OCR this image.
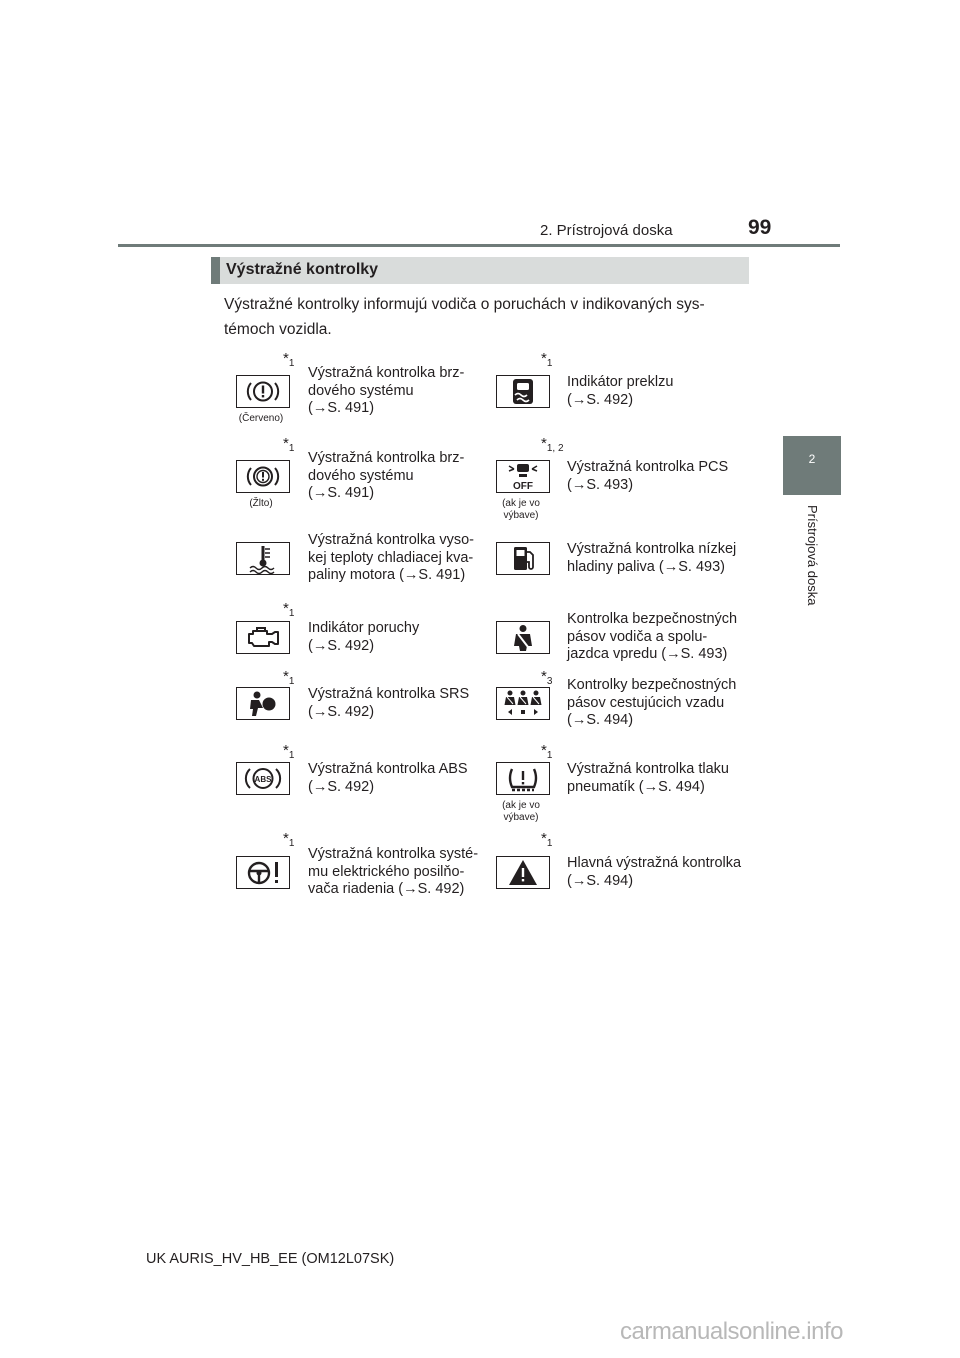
2. Prístrojová doska	99
2
Prístrojová doska
Výstražné kontrolky
Výstražné kontrolky informujú vodiča o poruchách v indikovaných sys-
témoch vozidla.
$*_1$
(Červeno)
Výstražná kontrolka brz-
dového systému
(→S. 491)
$*_1$
Indikátor preklzu
(→S. 492)
$*_1$
(Žlto)
Výstražná kontrolka brz-
dového systému
(→S. 491)
$*_{1, 2}$
OFF
(ak je vo výbave)
Výstražná kontrolka PCS
(→S. 493)
Výstražná kontrolka vyso-
kej teploty chladiacej kva-
paliny motora (→S. 491)
Výstražná kontrolka nízkej
hladiny paliva (→S. 493)
$*_1$
Indikátor poruchy
(→S. 492)
Kontrolka bezpečnostných
pásov vodiča a spolu-
jazdca vpredu (→S. 493)
$*_1$
Výstražná kontrolka SRS
(→S. 492)
$*_3$ Kontrolky bezpečnostných
pásov cestujúcich vzadu
(→S. 494)
$*_1$
ABS
Výstražná kontrolka ABS
(→S. 492)
$*_1$
(ak je vo výbave)
Výstražná kontrolka tlaku
pneumatík (→S. 494)
$*_1$
Výstražná kontrolka systé-
mu elektrického posilňo-
vača riadenia (→S. 492)
$*_1$
Hlavná výstražná kontrolka
(→S. 494)
UK AURIS_HV_HB_EE (OM12L07SK)
carmanualsonline.info
